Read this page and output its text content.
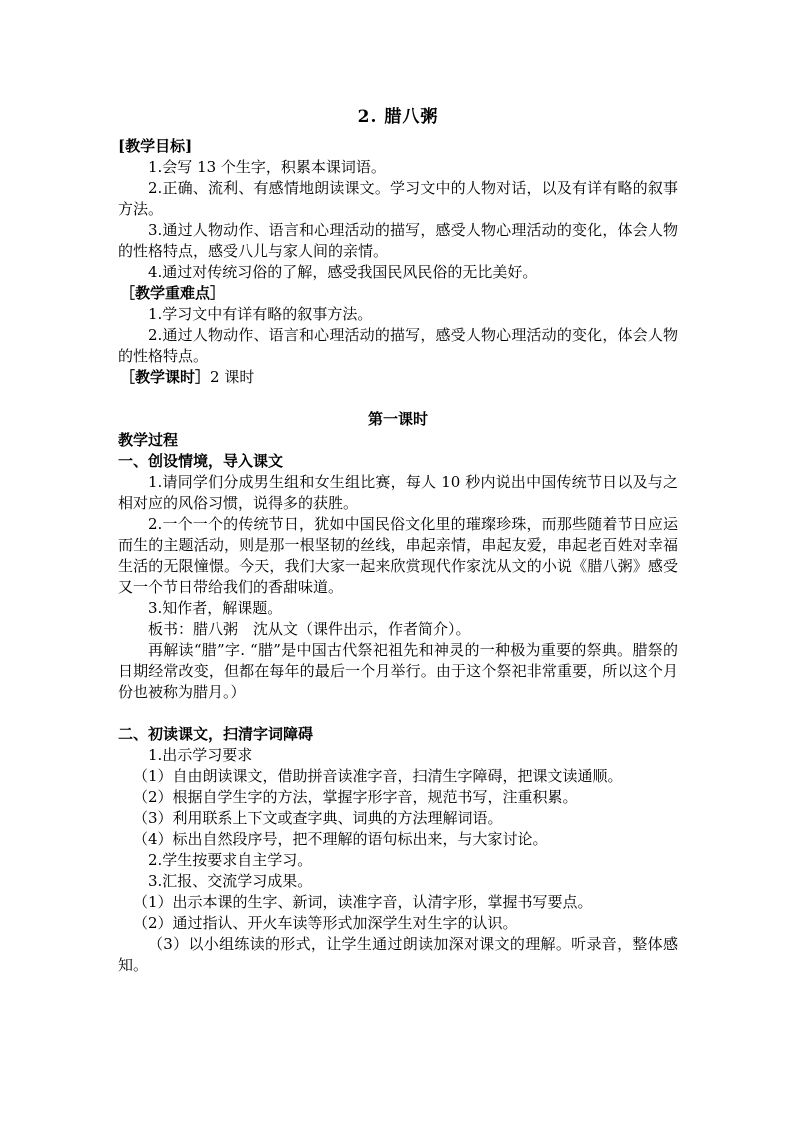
2. 腊八粥
[教学目标]
1.会写 13 个生字，积累本课词语。
2.正确、流利、有感情地朗读课文。学习文中的人物对话，以及有详有略的叙事方法。
3.通过人物动作、语言和心理活动的描写，感受人物心理活动的变化，体会人物的性格特点，感受八儿与家人间的亲情。
4.通过对传统习俗的了解，感受我国民风民俗的无比美好。
［教学重难点］
1.学习文中有详有略的叙事方法。
2.通过人物动作、语言和心理活动的描写，感受人物心理活动的变化，体会人物的性格特点。
［教学课时］2 课时
第一课时
教学过程
一、创设情境，导入课文
1.请同学们分成男生组和女生组比赛，每人 10 秒内说出中国传统节日以及与之相对应的风俗习惯，说得多的获胜。
2.一个一个的传统节日，犹如中国民俗文化里的璀璨珍珠，而那些随着节日应运而生的主题活动，则是那一根坚韧的丝线，串起亲情，串起友爱，串起老百姓对幸福生活的无限憧憬。今天，我们大家一起来欣赏现代作家沈从文的小说《腊八粥》感受又一个节日带给我们的香甜味道。
3.知作者，解课题。
板书：腊八粥　沈从文（课件出示，作者简介）。
再解读“腊”字. “腊”是中国古代祭祀祖先和神灵的一种极为重要的祭典。腊祭的日期经常改变，但都在每年的最后一个月举行。由于这个祭祀非常重要，所以这个月份也被称为腊月。）
二、初读课文，扫清字词障碍
1.出示学习要求
（1）自由朗读课文，借助拼音读准字音，扫清生字障碍，把课文读通顺。
（2）根据自学生字的方法，掌握字形字音，规范书写，注重积累。
（3）利用联系上下文或查字典、词典的方法理解词语。
（4）标出自然段序号，把不理解的语句标出来，与大家讨论。
2.学生按要求自主学习。
3.汇报、交流学习成果。
（1）出示本课的生字、新词，读准字音，认清字形，掌握书写要点。
（2）通过指认、开火车读等形式加深学生对生字的认识。
（3）以小组练读的形式，让学生通过朗读加深对课文的理解。听录音，整体感知。
